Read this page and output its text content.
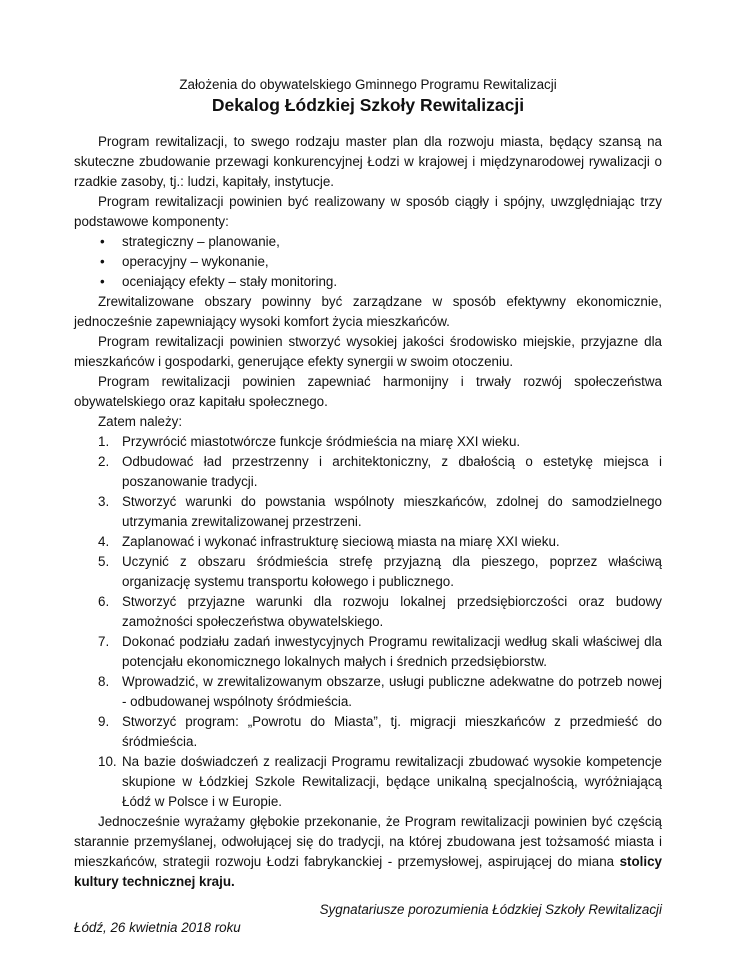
Założenia do obywatelskiego Gminnego Programu Rewitalizacji
Dekalog Łódzkiej Szkoły Rewitalizacji

Program rewitalizacji, to swego rodzaju master plan dla rozwoju miasta, będący szansą na skuteczne zbudowanie przewagi konkurencyjnej Łodzi w krajowej i międzynarodowej rywalizacji o rzadkie zasoby, tj.: ludzi, kapitały, instytucje.

Program rewitalizacji powinien być realizowany w sposób ciągły i spójny, uwzględniając trzy podstawowe komponenty:

• strategiczny – planowanie,
• operacyjny – wykonanie,
• oceniający efekty – stały monitoring.

Zrewitalizowane obszary powinny być zarządzane w sposób efektywny ekonomicznie, jednocześnie zapewniający wysoki komfort życia mieszkańców.

Program rewitalizacji powinien stworzyć wysokiej jakości środowisko miejskie, przyjazne dla mieszkańców i gospodarki, generujące efekty synergii w swoim otoczeniu.

Program rewitalizacji powinien zapewniać harmonijny i trwały rozwój społeczeństwa obywatelskiego oraz kapitału społecznego.

Zatem należy:

1. Przywrócić miastotwórcze funkcje śródmieścia na miarę XXI wieku.
2. Odbudować ład przestrzenny i architektoniczny, z dbałością o estetykę miejsca i poszanowanie tradycji.
3. Stworzyć warunki do powstania wspólnoty mieszkańców, zdolnej do samodzielnego utrzymania zrewitalizowanej przestrzeni.
4. Zaplanować i wykonać infrastrukturę sieciową miasta na miarę XXI wieku.
5. Uczynić z obszaru śródmieścia strefę przyjazną dla pieszego, poprzez właściwą organizację systemu transportu kołowego i publicznego.
6. Stworzyć przyjazne warunki dla rozwoju lokalnej przedsiębiorczości oraz budowy zamożności społeczeństwa obywatelskiego.
7. Dokonać podziału zadań inwestycyjnych Programu rewitalizacji według skali właściwej dla potencjału ekonomicznego lokalnych małych i średnich przedsiębiorstw.
8. Wprowadzić, w zrewitalizowanym obszarze, usługi publiczne adekwatne do potrzeb nowej - odbudowanej wspólnoty śródmieścia.
9. Stworzyć program: „Powrotu do Miasta”, tj. migracji mieszkańców z przedmieść do śródmieścia.
10. Na bazie doświadczeń z realizacji Programu rewitalizacji zbudować wysokie kompetencje skupione w Łódzkiej Szkole Rewitalizacji, będące unikalną specjalnością, wyróżniającą Łódź w Polsce i w Europie.

Jednocześnie wyrażamy głębokie przekonanie, że Program rewitalizacji powinien być częścią starannie przemyślanej, odwołującej się do tradycji, na której zbudowana jest tożsamość miasta i mieszkańców, strategii rozwoju Łodzi fabrykanckiej - przemysłowej, aspirującej do miana stolicy kultury technicznej kraju.

Sygnatariusze porozumienia Łódzkiej Szkoły Rewitalizacji
Łódź, 26 kwietnia 2018 roku
